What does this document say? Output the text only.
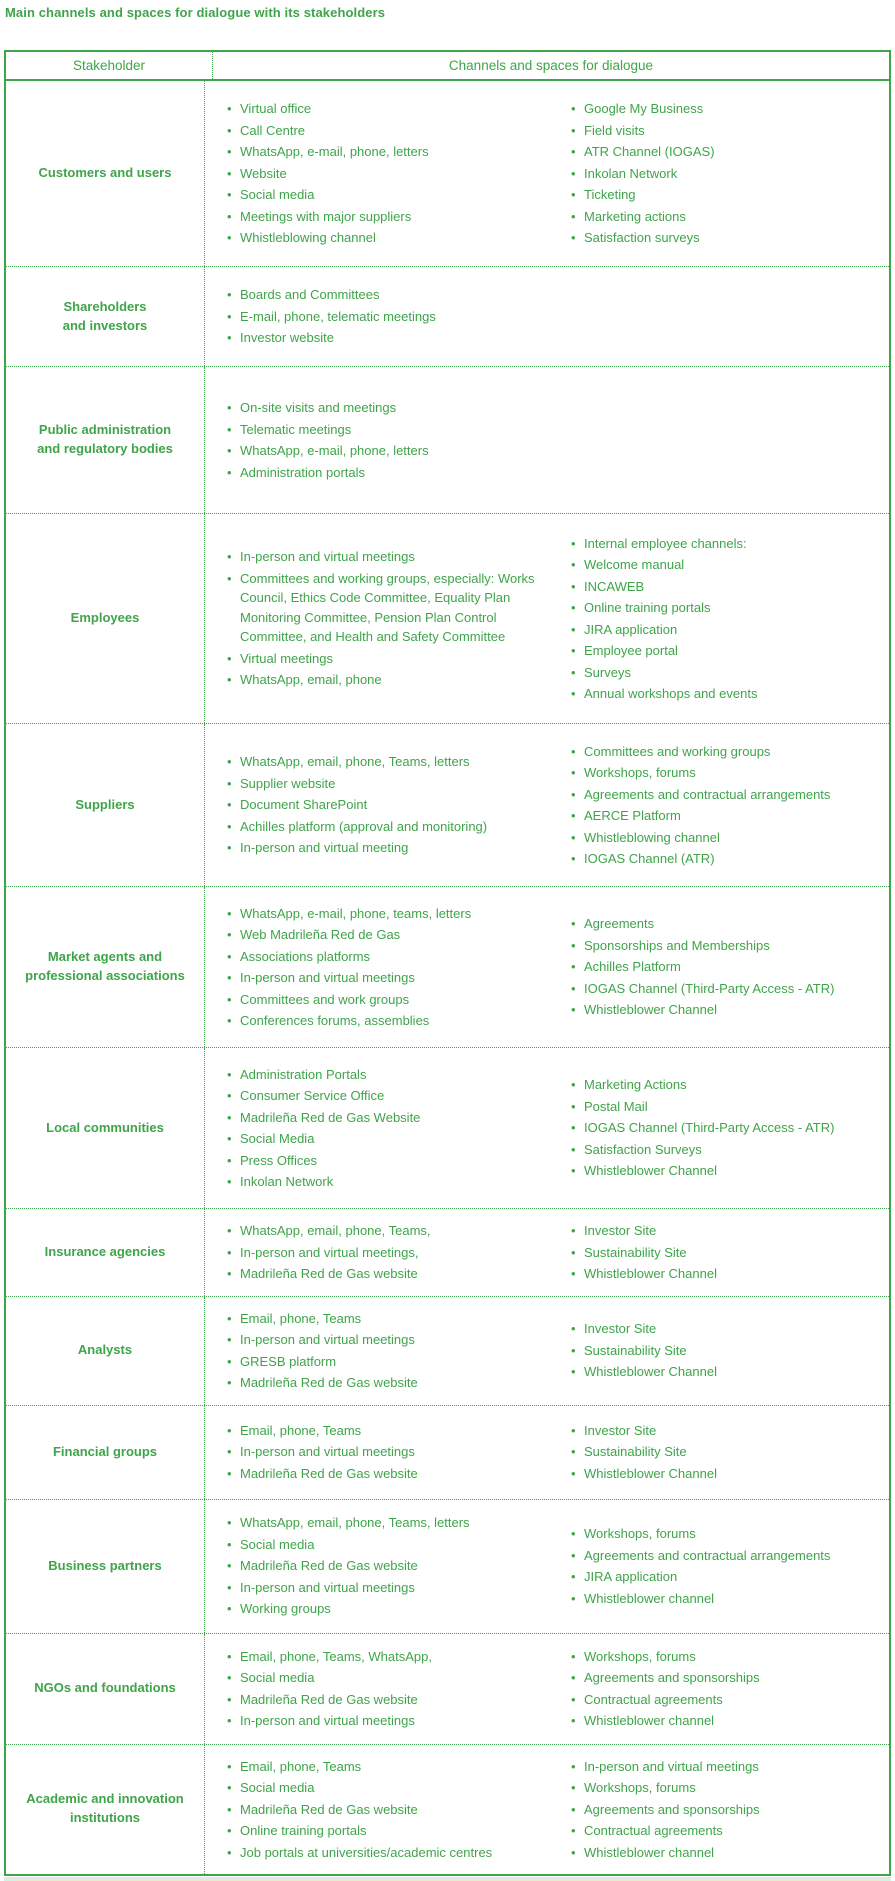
Main channels and spaces for dialogue with its stakeholders
Stakeholder	Channels and spaces for dialogue
Customers and users
• Virtual office
• Call Centre
• WhatsApp, e-mail, phone, letters
• Website
• Social media
• Meetings with major suppliers
• Whistleblowing channel
• Google My Business
• Field visits
• ATR Channel (IOGAS)
• Inkolan Network
• Ticketing
• Marketing actions
• Satisfaction surveys
Shareholders
and investors
• Boards and Committees
• E-mail, phone, telematic meetings
• Investor website
Public administration
and regulatory bodies
• On-site visits and meetings
• Telematic meetings
• WhatsApp, e-mail, phone, letters
• Administration portals
Employees
• In-person and virtual meetings
• Committees and working groups, especially: Works Council, Ethics Code Committee, Equality Plan Monitoring Committee, Pension Plan Control Committee, and Health and Safety Committee
• Virtual meetings
• WhatsApp, email, phone
• Internal employee channels:
• Welcome manual
• INCAWEB
• Online training portals
• JIRA application
• Employee portal
• Surveys
• Annual workshops and events
Suppliers
• WhatsApp, email, phone, Teams, letters
• Supplier website
• Document SharePoint
• Achilles platform (approval and monitoring)
• In-person and virtual meeting
• Committees and working groups
• Workshops, forums
• Agreements and contractual arrangements
• AERCE Platform
• Whistleblowing channel
• IOGAS Channel (ATR)
Market agents and
professional associations
• WhatsApp, e-mail, phone, teams, letters
• Web Madrileña Red de Gas
• Associations platforms
• In-person and virtual meetings
• Committees and work groups
• Conferences forums, assemblies
• Agreements
• Sponsorships and Memberships
• Achilles Platform
• IOGAS Channel (Third-Party Access - ATR)
• Whistleblower Channel
Local communities
• Administration Portals
• Consumer Service Office
• Madrileña Red de Gas Website
• Social Media
• Press Offices
• Inkolan Network
• Marketing Actions
• Postal Mail
• IOGAS Channel (Third-Party Access - ATR)
• Satisfaction Surveys
• Whistleblower Channel
Insurance agencies
• WhatsApp, email, phone, Teams,
• In-person and virtual meetings,
• Madrileña Red de Gas website
• Investor Site
• Sustainability Site
• Whistleblower Channel
Analysts
• Email, phone, Teams
• In-person and virtual meetings
• GRESB platform
• Madrileña Red de Gas website
• Investor Site
• Sustainability Site
• Whistleblower Channel
Financial groups
• Email, phone, Teams
• In-person and virtual meetings
• Madrileña Red de Gas website
• Investor Site
• Sustainability Site
• Whistleblower Channel
Business partners
• WhatsApp, email, phone, Teams, letters
• Social media
• Madrileña Red de Gas website
• In-person and virtual meetings
• Working groups
• Workshops, forums
• Agreements and contractual arrangements
• JIRA application
• Whistleblower channel
NGOs and foundations
• Email, phone, Teams, WhatsApp,
• Social media
• Madrileña Red de Gas website
• In-person and virtual meetings
• Workshops, forums
• Agreements and sponsorships
• Contractual agreements
• Whistleblower channel
Academic and innovation
institutions
• Email, phone, Teams
• Social media
• Madrileña Red de Gas website
• Online training portals
• Job portals at universities/academic centres
• In-person and virtual meetings
• Workshops, forums
• Agreements and sponsorships
• Contractual agreements
• Whistleblower channel
